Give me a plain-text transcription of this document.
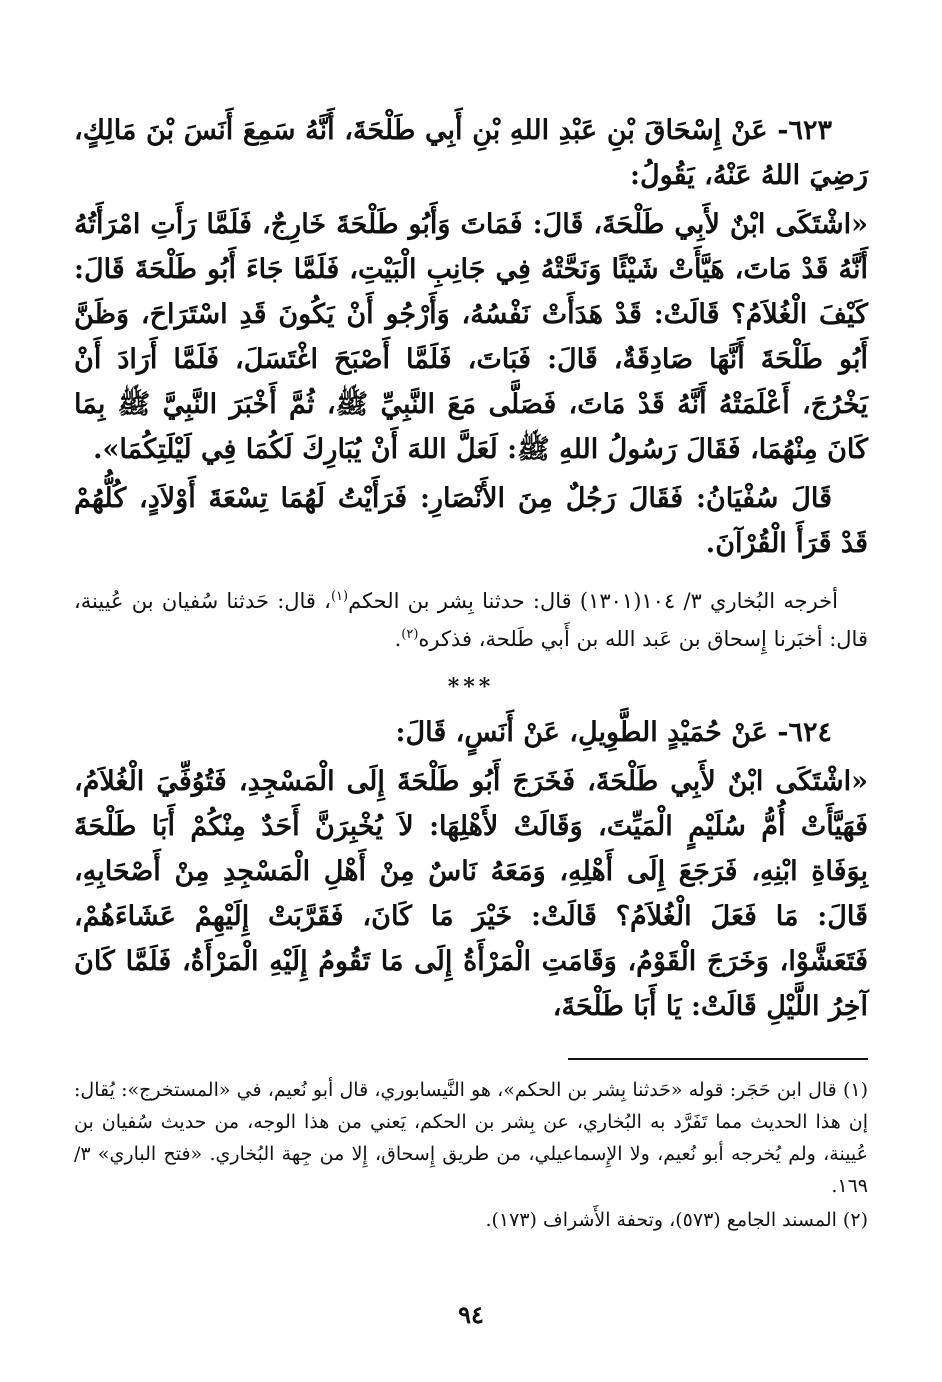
٦٢٣- عَنْ إِسْحَاقَ بْنِ عَبْدِ اللهِ بْنِ أَبِي طَلْحَةَ، أَنَّهُ سَمِعَ أَنَسَ بْنَ مَالِكٍ، رَضِيَ اللهُ عَنْهُ، يَقُولُ:

«اشْتَكَى ابْنٌ لأَبِي طَلْحَةَ، قَالَ: فَمَاتَ وَأَبُو طَلْحَةَ خَارِجٌ، فَلَمَّا رَأَتِ امْرَأَتُهُ أَنَّهُ قَدْ مَاتَ، هَيَّأَتْ شَيْئًا وَنَحَّتْهُ فِي جَانِبِ الْبَيْتِ، فَلَمَّا جَاءَ أَبُو طَلْحَةَ قَالَ: كَيْفَ الْغُلاَمُ؟ قَالَتْ: قَدْ هَدَأَتْ نَفْسُهُ، وَأَرْجُو أَنْ يَكُونَ قَدِ اسْتَرَاحَ، وَظَنَّ أَبُو طَلْحَةَ أَنَّهَا صَادِقَةٌ، قَالَ: فَبَاتَ، فَلَمَّا أَصْبَحَ اغْتَسَلَ، فَلَمَّا أَرَادَ أَنْ يَخْرُجَ، أَعْلَمَتْهُ أَنَّهُ قَدْ مَاتَ، فَصَلَّى مَعَ النَّبِيِّ ﷺ، ثُمَّ أَخْبَرَ النَّبِيَّ ﷺ بِمَا كَانَ مِنْهُمَا، فَقَالَ رَسُولُ اللهِ ﷺ: لَعَلَّ اللهَ أَنْ يُبَارِكَ لَكُمَا فِي لَيْلَتِكُمَا».

قَالَ سُفْيَانُ: فَقَالَ رَجُلٌ مِنَ الأَنْصَارِ: فَرَأَيْتُ لَهُمَا تِسْعَةَ أَوْلاَدٍ، كُلُّهُمْ قَدْ قَرَأَ الْقُرْآنَ.

أخرجه البُخاري ٣/ ١٠٤(١٣٠١) قال: حدثنا بِشر بن الحكم$^{(١)}$، قال: حَدثنا سُفيان بن عُيينة، قال: أخبَرنا إِسحاق بن عَبد الله بن أَبي طَلحة، فذكره$^{(٢)}$.

***

٦٢٤- عَنْ حُمَيْدٍ الطَّوِيلِ، عَنْ أَنَسٍ، قَالَ:

«اشْتَكَى ابْنٌ لأَبِي طَلْحَةَ، فَخَرَجَ أَبُو طَلْحَةَ إِلَى الْمَسْجِدِ، فَتُوُفِّيَ الْغُلاَمُ، فَهَيَّأَتْ أُمُّ سُلَيْمٍ الْمَيِّتَ، وَقَالَتْ لأَهْلِهَا: لاَ يُخْبِرَنَّ أَحَدٌ مِنْكُمْ أَبَا طَلْحَةَ بِوَفَاةِ ابْنِهِ، فَرَجَعَ إِلَى أَهْلِهِ، وَمَعَهُ نَاسٌ مِنْ أَهْلِ الْمَسْجِدِ مِنْ أَصْحَابِهِ، قَالَ: مَا فَعَلَ الْغُلاَمُ؟ قَالَتْ: خَيْرَ مَا كَانَ، فَقَرَّبَتْ إِلَيْهِمْ عَشَاءَهُمْ، فَتَعَشَّوْا، وَخَرَجَ الْقَوْمُ، وَقَامَتِ الْمَرْأَةُ إِلَى مَا تَقُومُ إِلَيْهِ الْمَرْأَةُ، فَلَمَّا كَانَ آخِرُ اللَّيْلِ قَالَتْ: يَا أَبَا طَلْحَةَ،

(١) قال ابن حَجَر: قوله «حَدثنا بِشر بن الحكم»، هو النَّيسابوري، قال أبو نُعيم، في «المستخرج»: يُقال: إن هذا الحديث مما تَفَرَّد به البُخاري، عن بِشر بن الحكم، يَعني من هذا الوجه، من حديث سُفيان بن عُيينة، ولم يُخرجه أبو نُعيم، ولا الإِسماعيلي، من طريق إِسحاق، إِلا من جِهة البُخاري. «فتح الباري» ٣/ ١٦٩.

(٢) المسند الجامع (٥٧٣)، وتحفة الأَشراف (١٧٣).

٩٤
